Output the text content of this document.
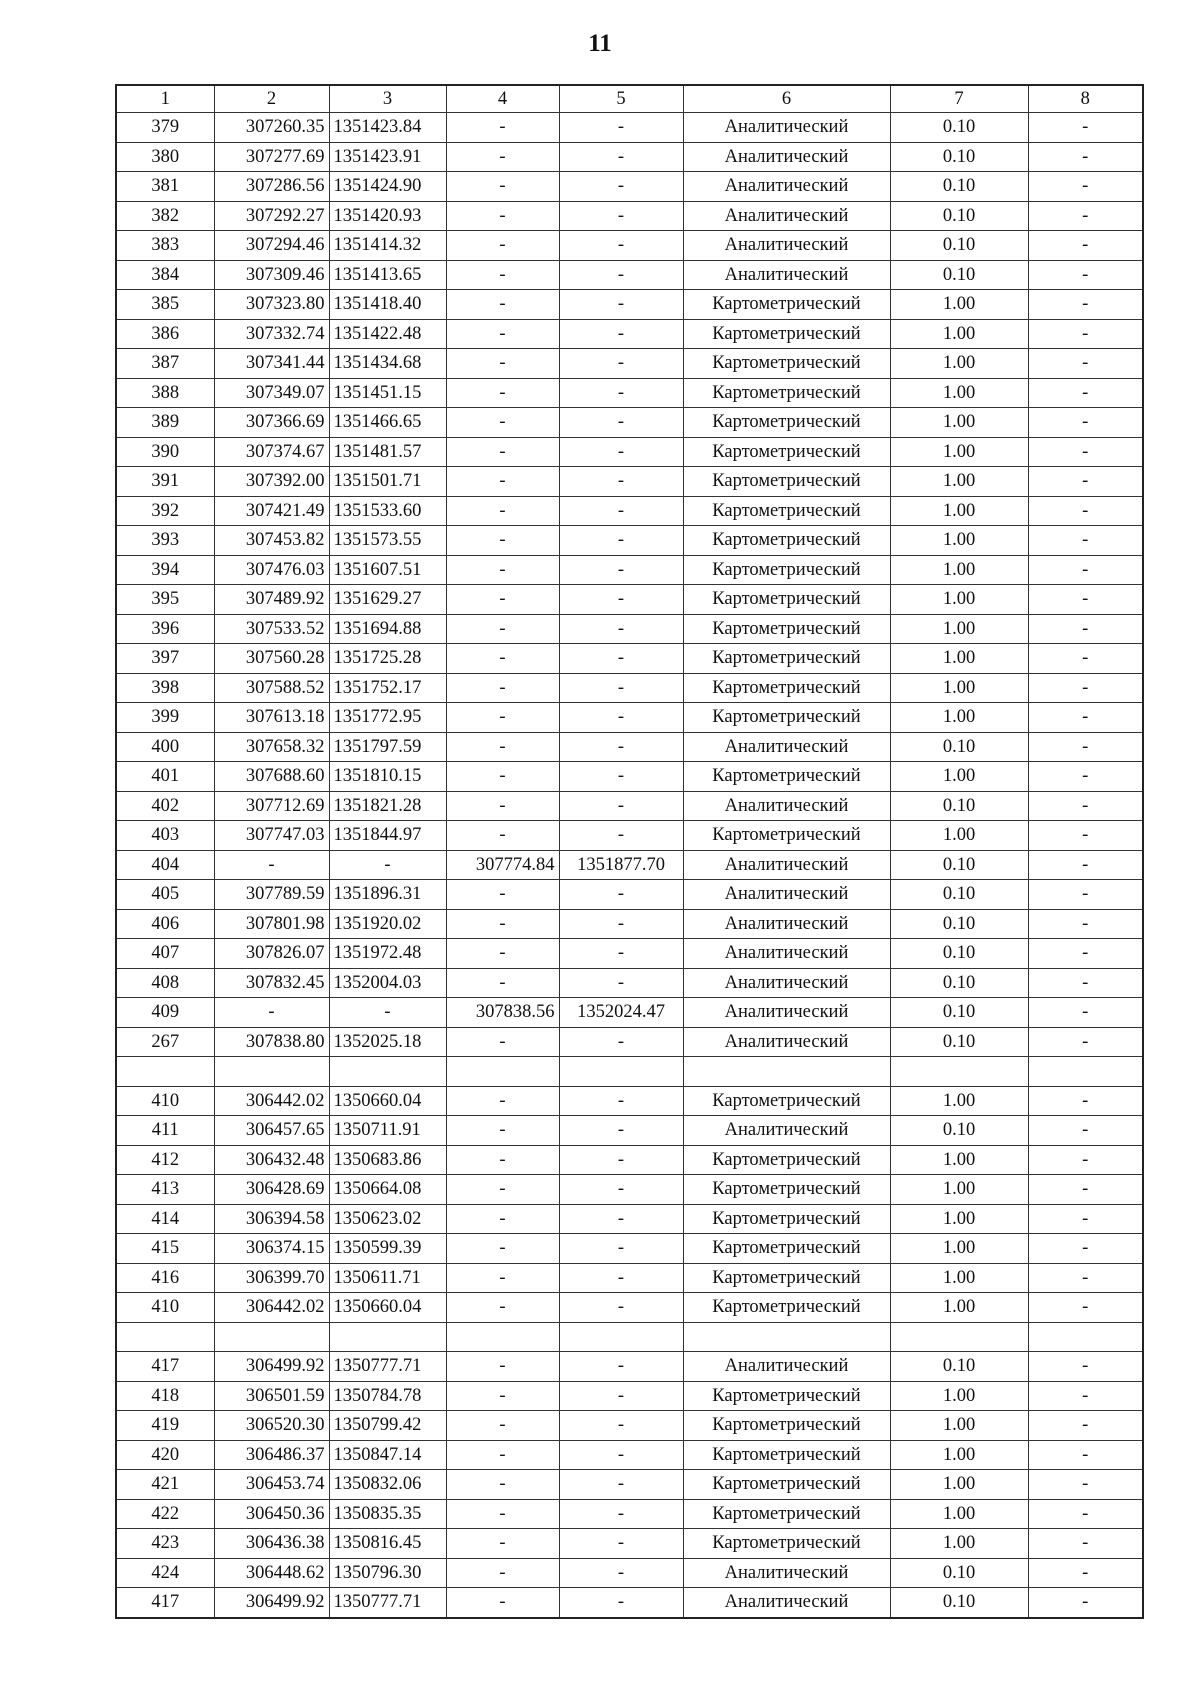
11
1	2	3	4	5	6	7	8
379	307260.35	1351423.84	-	-	Аналитический	0.10	-
380	307277.69	1351423.91	-	-	Аналитический	0.10	-
381	307286.56	1351424.90	-	-	Аналитический	0.10	-
382	307292.27	1351420.93	-	-	Аналитический	0.10	-
383	307294.46	1351414.32	-	-	Аналитический	0.10	-
384	307309.46	1351413.65	-	-	Аналитический	0.10	-
385	307323.80	1351418.40	-	-	Картометрический	1.00	-
386	307332.74	1351422.48	-	-	Картометрический	1.00	-
387	307341.44	1351434.68	-	-	Картометрический	1.00	-
388	307349.07	1351451.15	-	-	Картометрический	1.00	-
389	307366.69	1351466.65	-	-	Картометрический	1.00	-
390	307374.67	1351481.57	-	-	Картометрический	1.00	-
391	307392.00	1351501.71	-	-	Картометрический	1.00	-
392	307421.49	1351533.60	-	-	Картометрический	1.00	-
393	307453.82	1351573.55	-	-	Картометрический	1.00	-
394	307476.03	1351607.51	-	-	Картометрический	1.00	-
395	307489.92	1351629.27	-	-	Картометрический	1.00	-
396	307533.52	1351694.88	-	-	Картометрический	1.00	-
397	307560.28	1351725.28	-	-	Картометрический	1.00	-
398	307588.52	1351752.17	-	-	Картометрический	1.00	-
399	307613.18	1351772.95	-	-	Картометрический	1.00	-
400	307658.32	1351797.59	-	-	Аналитический	0.10	-
401	307688.60	1351810.15	-	-	Картометрический	1.00	-
402	307712.69	1351821.28	-	-	Аналитический	0.10	-
403	307747.03	1351844.97	-	-	Картометрический	1.00	-
404	-	-	307774.84	1351877.70	Аналитический	0.10	-
405	307789.59	1351896.31	-	-	Аналитический	0.10	-
406	307801.98	1351920.02	-	-	Аналитический	0.10	-
407	307826.07	1351972.48	-	-	Аналитический	0.10	-
408	307832.45	1352004.03	-	-	Аналитический	0.10	-
409	-	-	307838.56	1352024.47	Аналитический	0.10	-
267	307838.80	1352025.18	-	-	Аналитический	0.10	-

410	306442.02	1350660.04	-	-	Картометрический	1.00	-
411	306457.65	1350711.91	-	-	Аналитический	0.10	-
412	306432.48	1350683.86	-	-	Картометрический	1.00	-
413	306428.69	1350664.08	-	-	Картометрический	1.00	-
414	306394.58	1350623.02	-	-	Картометрический	1.00	-
415	306374.15	1350599.39	-	-	Картометрический	1.00	-
416	306399.70	1350611.71	-	-	Картометрический	1.00	-
410	306442.02	1350660.04	-	-	Картометрический	1.00	-

417	306499.92	1350777.71	-	-	Аналитический	0.10	-
418	306501.59	1350784.78	-	-	Картометрический	1.00	-
419	306520.30	1350799.42	-	-	Картометрический	1.00	-
420	306486.37	1350847.14	-	-	Картометрический	1.00	-
421	306453.74	1350832.06	-	-	Картометрический	1.00	-
422	306450.36	1350835.35	-	-	Картометрический	1.00	-
423	306436.38	1350816.45	-	-	Картометрический	1.00	-
424	306448.62	1350796.30	-	-	Аналитический	0.10	-
417	306499.92	1350777.71	-	-	Аналитический	0.10	-
